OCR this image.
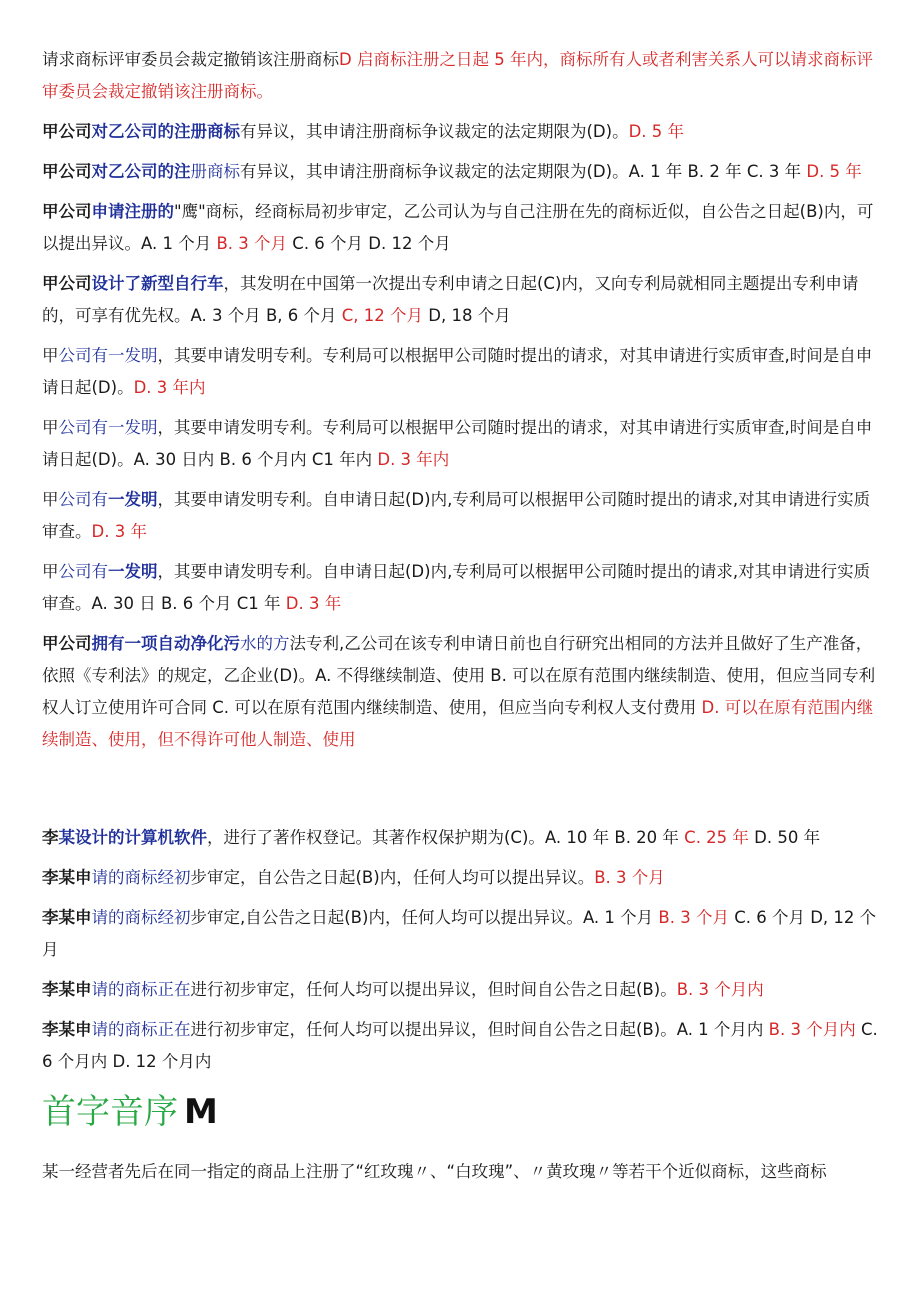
请求商标评审委员会裁定撤销该注册商标D 启商标注册之日起 5 年内，商标所有人或者利害关系人可以请求商标评审委员会裁定撤销该注册商标。

甲公司对乙公司的注册商标有异议，其申请注册商标争议裁定的法定期限为(D)。D. 5 年

甲公司对乙公司的注册商标有异议，其申请注册商标争议裁定的法定期限为(D)。A. 1 年 B. 2 年 C. 3 年 D. 5 年

甲公司申请注册的"鹰"商标，经商标局初步审定，乙公司认为与自己注册在先的商标近似，自公告之日起(B)内，可以提出异议。A. 1 个月 B. 3 个月 C. 6 个月 D. 12 个月

甲公司设计了新型自行车，其发明在中国第一次提出专利申请之日起(C)内，又向专利局就相同主题提出专利申请的，可享有优先权。A. 3 个月 B, 6 个月 C, 12 个月 D, 18 个月

甲公司有一发明，其要申请发明专利。专利局可以根据甲公司随时提出的请求，对其申请进行实质审查,时间是自申请日起(D)。D. 3 年内

甲公司有一发明，其要申请发明专利。专利局可以根据甲公司随时提出的请求，对其申请进行实质审查,时间是自申请日起(D)。A. 30 日内 B. 6 个月内 C1 年内 D. 3 年内

甲公司有一发明，其要申请发明专利。自申请日起(D)内,专利局可以根据甲公司随时提出的请求,对其申请进行实质审查。D. 3 年

甲公司有一发明，其要申请发明专利。自申请日起(D)内,专利局可以根据甲公司随时提出的请求,对其申请进行实质审查。A. 30 日 B. 6 个月 C1 年 D. 3 年

甲公司拥有一项自动净化污水的方法专利,乙公司在该专利申请日前也自行研究出相同的方法并且做好了生产准备，依照《专利法》的规定，乙企业(D)。A. 不得继续制造、使用 B. 可以在原有范围内继续制造、使用，但应当同专利权人订立使用许可合同 C. 可以在原有范围内继续制造、使用，但应当向专利权人支付费用 D. 可以在原有范围内继续制造、使用，但不得许可他人制造、使用

李某设计的计算机软件，进行了著作权登记。其著作权保护期为(C)。A. 10 年 B. 20 年 C. 25 年 D. 50 年

李某申请的商标经初步审定，自公告之日起(B)内，任何人均可以提出异议。B. 3 个月

李某申请的商标经初步审定,自公告之日起(B)内，任何人均可以提出异议。A. 1 个月 B. 3 个月 C. 6 个月 D, 12 个月

李某申请的商标正在进行初步审定，任何人均可以提出异议，但时间自公告之日起(B)。B. 3 个月内

李某申请的商标正在进行初步审定，任何人均可以提出异议，但时间自公告之日起(B)。A. 1 个月内 B. 3 个月内 C. 6 个月内 D. 12 个月内

首字音序 M

某一经营者先后在同一指定的商品上注册了“红玫瑰〃、“白玫瑰”、〃黄玫瑰〃等若干个近似商标，这些商标
